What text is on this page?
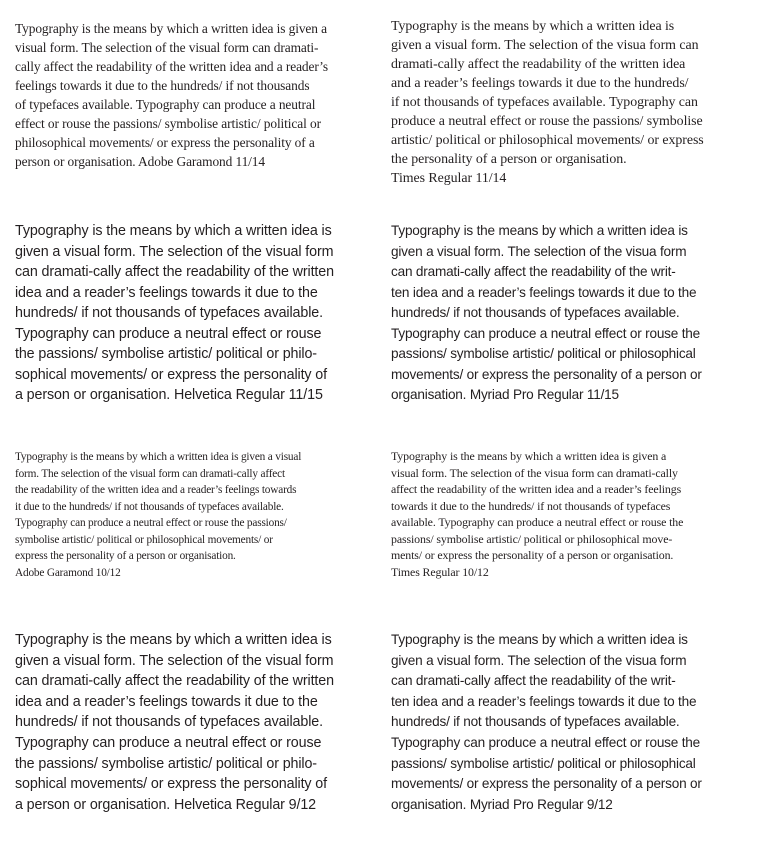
Typography is the means by which a written idea is given a
visual form. The selection of the visual form can dramati-
cally affect the readability of the written idea and a reader’s
feelings towards it due to the hundreds/ if not thousands
of typefaces available. Typography can produce a neutral
effect or rouse the passions/ symbolise artistic/ political or
philosophical movements/ or express the personality of a
person or organisation. Adobe Garamond 11/14
Typography is the means by which a written idea is
given a visual form. The selection of the visua form can
dramati-cally affect the readability of the written idea
and a reader’s feelings towards it due to the hundreds/
if not thousands of typefaces available. Typography can
produce a neutral effect or rouse the passions/ symbolise
artistic/ political or philosophical movements/ or express
the personality of a person or organisation.
Times Regular 11/14
Typography is the means by which a written idea is
given a visual form. The selection of the visual form
can dramati-cally affect the readability of the written
idea and a reader’s feelings towards it due to the
hundreds/ if not thousands of typefaces available.
Typography can produce a neutral effect or rouse
the passions/ symbolise artistic/ political or philo-
sophical movements/ or express the personality of
a person or organisation. Helvetica Regular 11/15
Typography is the means by which a written idea is
given a visual form. The selection of the visua form
can dramati-cally affect the readability of the writ-
ten idea and a reader’s feelings towards it due to the
hundreds/ if not thousands of typefaces available.
Typography can produce a neutral effect or rouse the
passions/ symbolise artistic/ political or philosophical
movements/ or express the personality of a person or
organisation. Myriad Pro Regular 11/15
Typography is the means by which a written idea is given a visual
form. The selection of the visual form can dramati-cally affect
the readability of the written idea and a reader’s feelings towards
it due to the hundreds/ if not thousands of typefaces available.
Typography can produce a neutral effect or rouse the passions/
symbolise artistic/ political or philosophical movements/ or
express the personality of a person or organisation.
Adobe Garamond 10/12
Typography is the means by which a written idea is given a
visual form. The selection of the visua form can dramati-cally
affect the readability of the written idea and a reader’s feelings
towards it due to the hundreds/ if not thousands of typefaces
available. Typography can produce a neutral effect or rouse the
passions/ symbolise artistic/ political or philosophical move-
ments/ or express the personality of a person or organisation.
Times Regular 10/12
Typography is the means by which a written idea is
given a visual form. The selection of the visual form
can dramati-cally affect the readability of the written
idea and a reader’s feelings towards it due to the
hundreds/ if not thousands of typefaces available.
Typography can produce a neutral effect or rouse
the passions/ symbolise artistic/ political or philo-
sophical movements/ or express the personality of
a person or organisation. Helvetica Regular 9/12
Typography is the means by which a written idea is
given a visual form. The selection of the visua form
can dramati-cally affect the readability of the writ-
ten idea and a reader’s feelings towards it due to the
hundreds/ if not thousands of typefaces available.
Typography can produce a neutral effect or rouse the
passions/ symbolise artistic/ political or philosophical
movements/ or express the personality of a person or
organisation. Myriad Pro Regular 9/12
